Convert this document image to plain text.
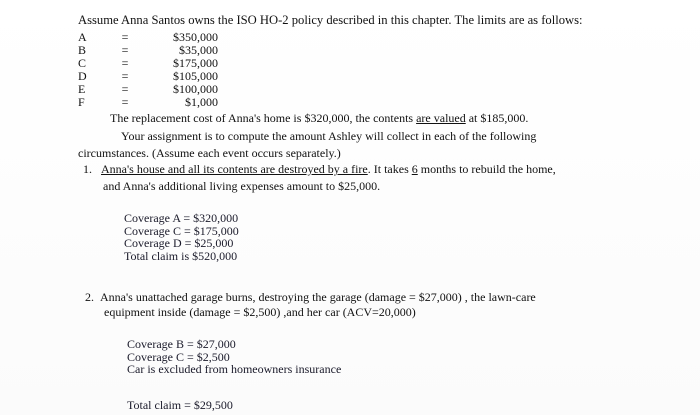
Assume Anna Santos owns the ISO HO-2 policy described in this chapter. The limits are as follows:
A	=	$350,000
B	=	$35,000
C	=	$175,000
D	=	$105,000
E	=	$100,000
F	=	$1,000
The replacement cost of Anna's home is $320,000, the contents are valued at $185,000.
Your assignment is to compute the amount Ashley will collect in each of the following
circumstances. (Assume each event occurs separately.)
1. Anna's house and all its contents are destroyed by a fire. It takes 6 months to rebuild the home,
and Anna's additional living expenses amount to $25,000.
Coverage A = $320,000
Coverage C = $175,000
Coverage D = $25,000
Total claim is $520,000
2. Anna's unattached garage burns, destroying the garage (damage = $27,000) , the lawn-care
equipment inside (damage = $2,500) ,and her car (ACV=20,000)
Coverage B = $27,000
Coverage C = $2,500
Car is excluded from homeowners insurance
Total claim = $29,500
